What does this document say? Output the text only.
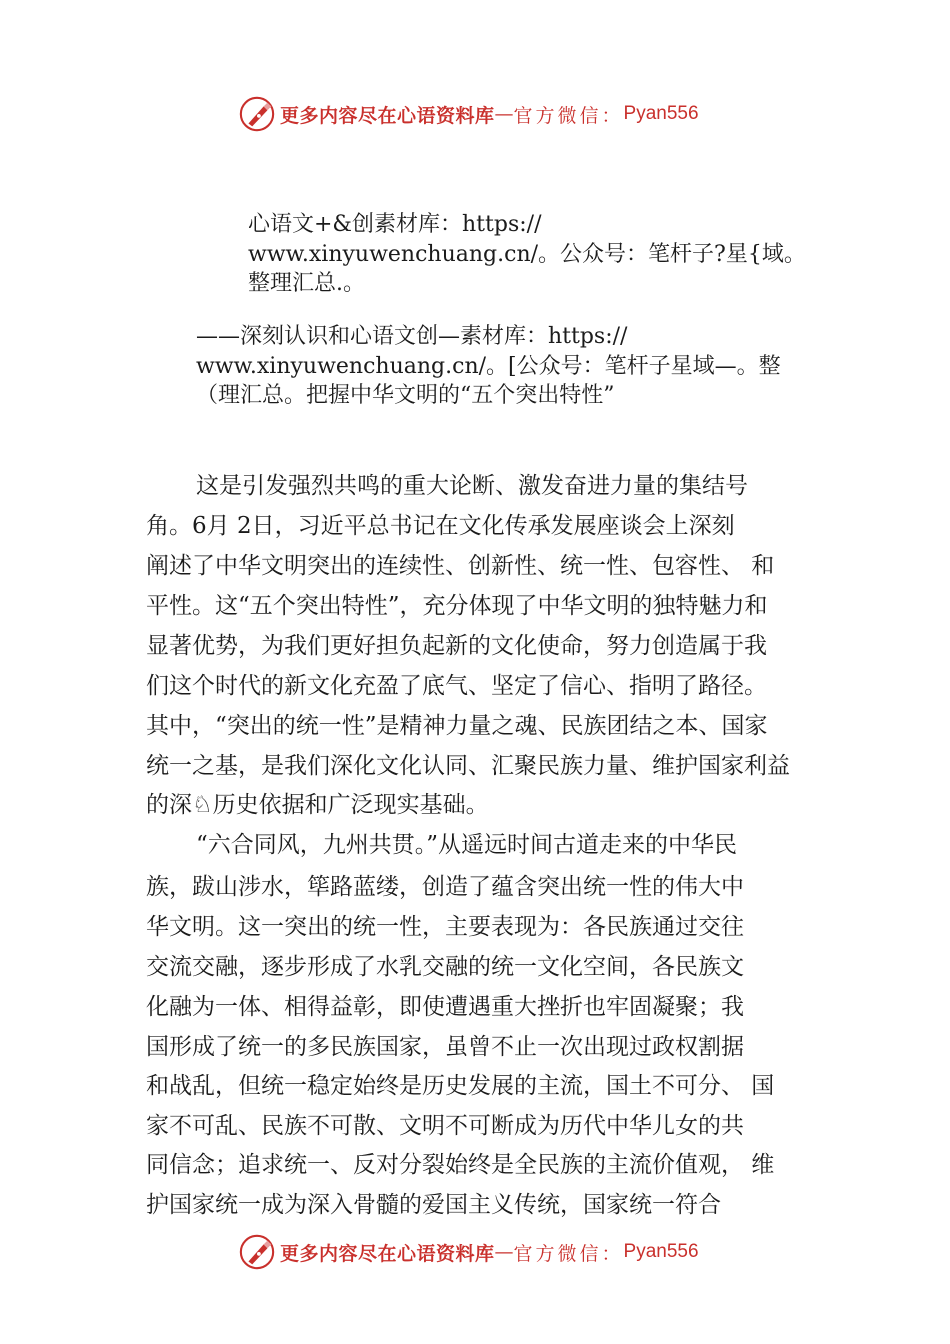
更多内容尽在心语资料库 — 官方微信： Pyan556
心语文+&创素材库：https://
www.xinyuwenchuang.cn/。公众号：笔杆子?星{域。
整理汇总.。
——深刻认识和心语文创—素材库：https://
www.xinyuwenchuang.cn/。[公众号：笔杆子星域—。整
（理汇总。把握中华文明的“五个突出特性”
这是引发强烈共鸣的重大论断、激发奋进力量的集结号
角。6月 2日，习近平总书记在文化传承发展座谈会上深刻
阐述了中华文明突出的连续性、创新性、统一性、包容性、 和
平性。这“五个突出特性”，充分体现了中华文明的独特魅力和
显著优势，为我们更好担负起新的文化使命，努力创造属于我
们这个时代的新文化充盈了底气、坚定了信心、指明了路径。
其中，“突出的统一性”是精神力量之魂、民族团结之本、国家
统一之基，是我们深化文化认同、汇聚民族力量、维护国家利益
的深♘历史依据和广泛现实基础。
“六合同风，九州共贯。”从遥远时间古道走来的中华民
族，跋山涉水，筚路蓝缕，创造了蕴含突出统一性的伟大中
华文明。这一突出的统一性，主要表现为：各民族通过交往
交流交融，逐步形成了水乳交融的统一文化空间，各民族文
化融为一体、相得益彰，即使遭遇重大挫折也牢固凝聚；我
国形成了统一的多民族国家，虽曾不止一次出现过政权割据
和战乱，但统一稳定始终是历史发展的主流，国土不可分、 国
家不可乱、民族不可散、文明不可断成为历代中华儿女的共
同信念；追求统一、反对分裂始终是全民族的主流价值观， 维
护国家统一成为深入骨髓的爱国主义传统，国家统一符合
更多内容尽在心语资料库 — 官方微信： Pyan556
